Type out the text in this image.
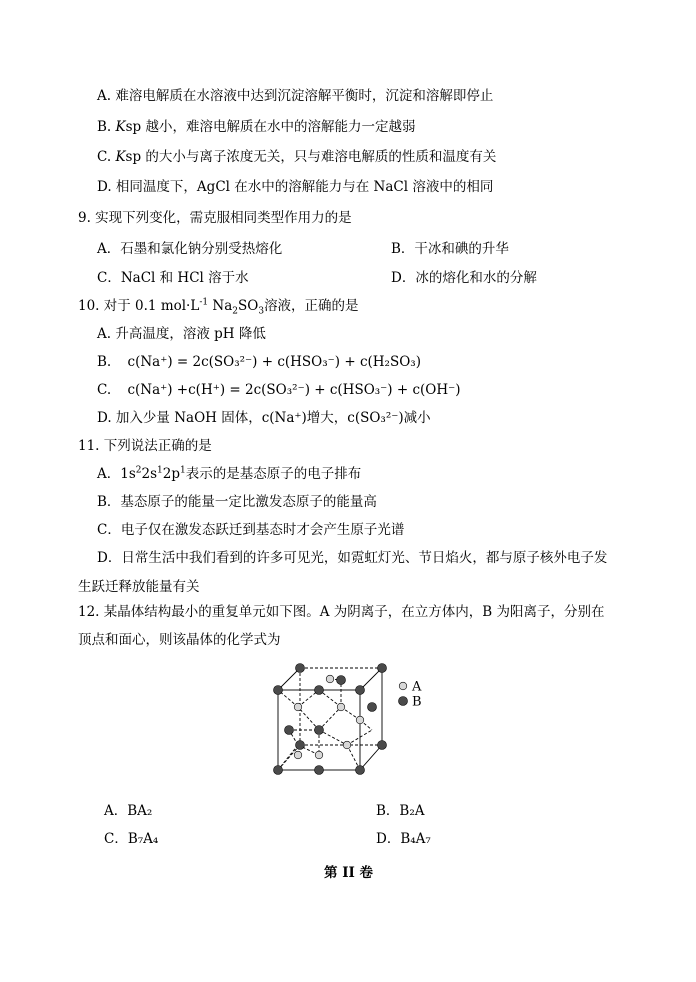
A. 难溶电解质在水溶液中达到沉淀溶解平衡时，沉淀和溶解即停止
B. Ksp 越小，难溶电解质在水中的溶解能力一定越弱
C. Ksp 的大小与离子浓度无关，只与难溶电解质的性质和温度有关
D. 相同温度下，AgCl 在水中的溶解能力与在 NaCl 溶液中的相同
9. 实现下列变化，需克服相同类型作用力的是
A．石墨和氯化钠分别受热熔化	B．干冰和碘的升华
C．NaCl 和 HCl 溶于水	D．冰的熔化和水的分解
10. 对于 0.1 $mol\cdot L^{-1}$ $Na_2SO_3$溶液，正确的是
A. 升高温度，溶液 pH 降低
B. c(Na⁺) = 2c(SO₃²⁻) + c(HSO₃⁻) + c(H₂SO₃)
C. c(Na⁺) +c(H⁺) = 2c(SO₃²⁻) + c(HSO₃⁻) + c(OH⁻)
D. 加入少量 NaOH 固体，c(Na⁺)增大，c(SO₃²⁻)减小
11. 下列说法正确的是
A．$1s^22s^12p^1$表示的是基态原子的电子排布
B．基态原子的能量一定比激发态原子的能量高
C．电子仅在激发态跃迁到基态时才会产生原子光谱
D．日常生活中我们看到的许多可见光，如霓虹灯光、节日焰火，都与原子核外电子发
生跃迁释放能量有关
12. 某晶体结构最小的重复单元如下图。A 为阴离子，在立方体内，B 为阳离子，分别在
顶点和面心，则该晶体的化学式为
A
B
A．BA₂	B．B₂A
C．B₇A₄	D．B₄A₇
第 II 卷
